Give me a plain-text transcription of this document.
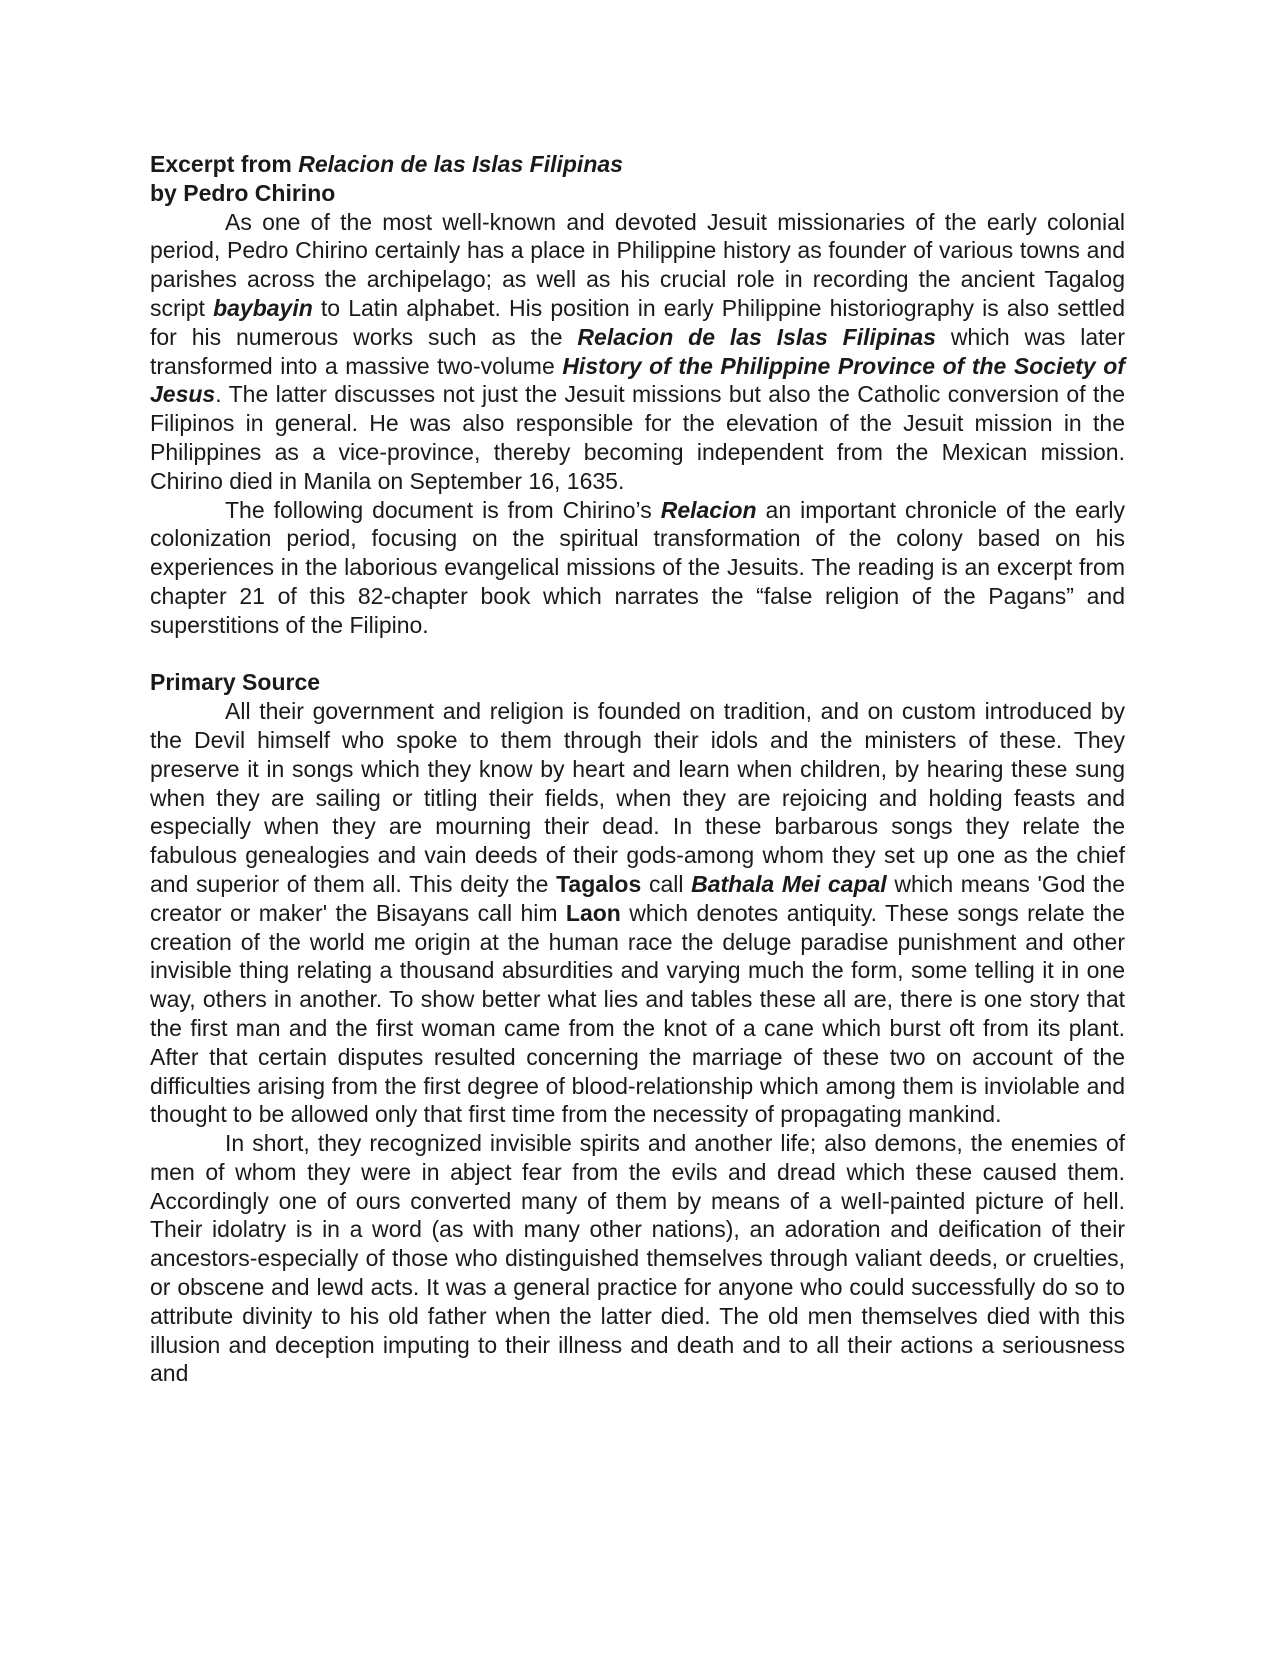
Excerpt from Relacion de las Islas Filipinas

by Pedro Chirino

As one of the most well-known and devoted Jesuit missionaries of the early colonial period, Pedro Chirino certainly has a place in Philippine history as founder of various towns and parishes across the archipelago; as well as his crucial role in recording the ancient Tagalog script baybayin to Latin alphabet. His position in early Philippine historiography is also settled for his numerous works such as the Relacion de las Islas Filipinas which was later transformed into a massive two-volume History of the Philippine Province of the Society of Jesus. The latter discusses not just the Jesuit missions but also the Catholic conversion of the Filipinos in general. He was also responsible for the elevation of the Jesuit mission in the Philippines as a vice-province, thereby becoming independent from the Mexican mission. Chirino died in Manila on September 16, 1635.

The following document is from Chirino’s Relacion an important chronicle of the early colonization period, focusing on the spiritual transformation of the colony based on his experiences in the laborious evangelical missions of the Jesuits. The reading is an excerpt from chapter 21 of this 82-chapter book which narrates the “false religion of the Pagans” and superstitions of the Filipino.

Primary Source

All their government and religion is founded on tradition, and on custom introduced by the Devil himself who spoke to them through their idols and the ministers of these. They preserve it in songs which they know by heart and learn when children, by hearing these sung when they are sailing or titling their fields, when they are rejoicing and holding feasts and especially when they are mourning their dead. In these barbarous songs they relate the fabulous genealogies and vain deeds of their gods-among whom they set up one as the chief and superior of them all. This deity the Tagalos call Bathala Mei capal which means 'God the creator or maker' the Bisayans call him Laon which denotes antiquity. These songs relate the creation of the world me origin at the human race the deluge paradise punishment and other invisible thing relating a thousand absurdities and varying much the form, some telling it in one way, others in another. To show better what lies and tables these all are, there is one story that the first man and the first woman came from the knot of a cane which burst oft from its plant. After that certain disputes resulted concerning the marriage of these two on account of the difficulties arising from the first degree of blood-relationship which among them is inviolable and thought to be allowed only that first time from the necessity of propagating mankind.

In short, they recognized invisible spirits and another life; also demons, the enemies of men of whom they were in abject fear from the evils and dread which these caused them. Accordingly one of ours converted many of them by means of a weIl-painted picture of hell. Their idolatry is in a word (as with many other nations), an adoration and deification of their ancestors-especially of those who distinguished themselves through valiant deeds, or cruelties, or obscene and lewd acts. It was a general practice for anyone who could successfully do so to attribute divinity to his old father when the latter died. The old men themselves died with this illusion and deception imputing to their illness and death and to all their actions a seriousness and
